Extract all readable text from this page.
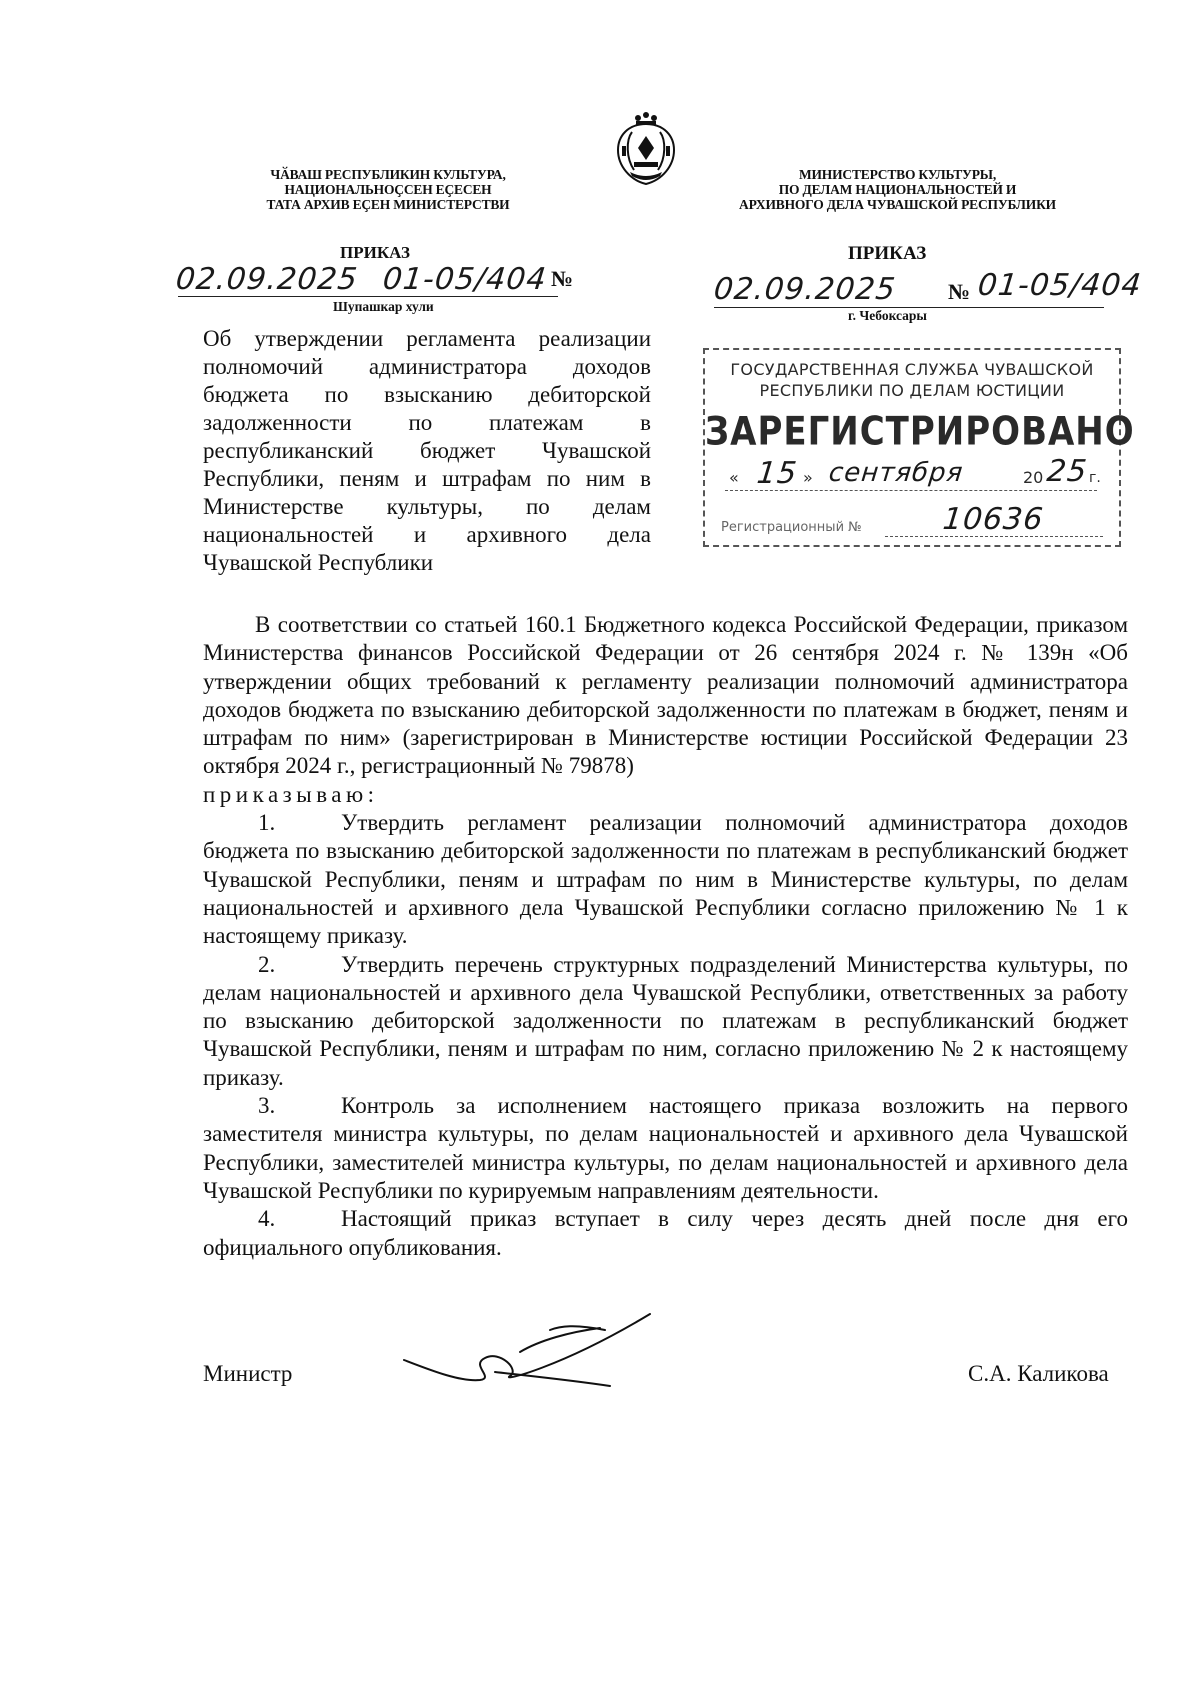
ЧӐВАШ РЕСПУБЛИКИН КУЛЬТУРА,
НАЦИОНАЛЬНОҪСЕН ЕҪЕСЕН
ТАТА АРХИВ ЕҪЕН МИНИСТЕРСТВИ
МИНИСТЕРСТВО КУЛЬТУРЫ,
ПО ДЕЛАМ НАЦИОНАЛЬНОСТЕЙ И
АРХИВНОГО ДЕЛА ЧУВАШСКОЙ РЕСПУБЛИКИ
ПРИКАЗ
02.09.2025 01-05/404 №
Шупашкар хули
ПРИКАЗ
02.09.2025 № 01-05/404
г. Чебоксары
Об утверждении регламента реализации
полномочий администратора доходов
бюджета по взысканию дебиторской
задолженности по платежам в
республиканский бюджет Чувашской
Республики, пеням и штрафам по ним в
Министерстве культуры, по делам
национальностей и архивного дела
Чувашской Республики
ГОСУДАРСТВЕННАЯ СЛУЖБА ЧУВАШСКОЙ
РЕСПУБЛИКИ ПО ДЕЛАМ ЮСТИЦИИ
ЗАРЕГИСТРИРОВАНО
« 15 » сентября	20 25 г.
Регистрационный №	10636

В соответствии со статьей 160.1 Бюджетного кодекса Российской Федерации, приказом Министерства финансов Российской Федерации от 26 сентября 2024 г. № 139н «Об утверждении общих требований к регламенту реализации полномочий администратора доходов бюджета по взысканию дебиторской задолженности по платежам в бюджет, пеням и штрафам по ним» (зарегистрирован в Министерстве юстиции Российской Федерации 23 октября 2024 г., регистрационный № 79878)

приказываю:

1.	Утвердить регламент реализации полномочий администратора доходов бюджета по взысканию дебиторской задолженности по платежам в республиканский бюджет Чувашской Республики, пеням и штрафам по ним в Министерстве культуры, по делам национальностей и архивного дела Чувашской Республики согласно приложению № 1 к настоящему приказу.

2.	Утвердить перечень структурных подразделений Министерства культуры, по делам национальностей и архивного дела Чувашской Республики, ответственных за работу по взысканию дебиторской задолженности по платежам в республиканский бюджет Чувашской Республики, пеням и штрафам по ним, согласно приложению № 2 к настоящему приказу.

3.	Контроль за исполнением настоящего приказа возложить на первого заместителя министра культуры, по делам национальностей и архивного дела Чувашской Республики, заместителей министра культуры, по делам национальностей и архивного дела Чувашской Республики по курируемым направлениям деятельности.

4.	Настоящий приказ вступает в силу через десять дней после дня его официального опубликования.

Министр	С.А. Каликова
